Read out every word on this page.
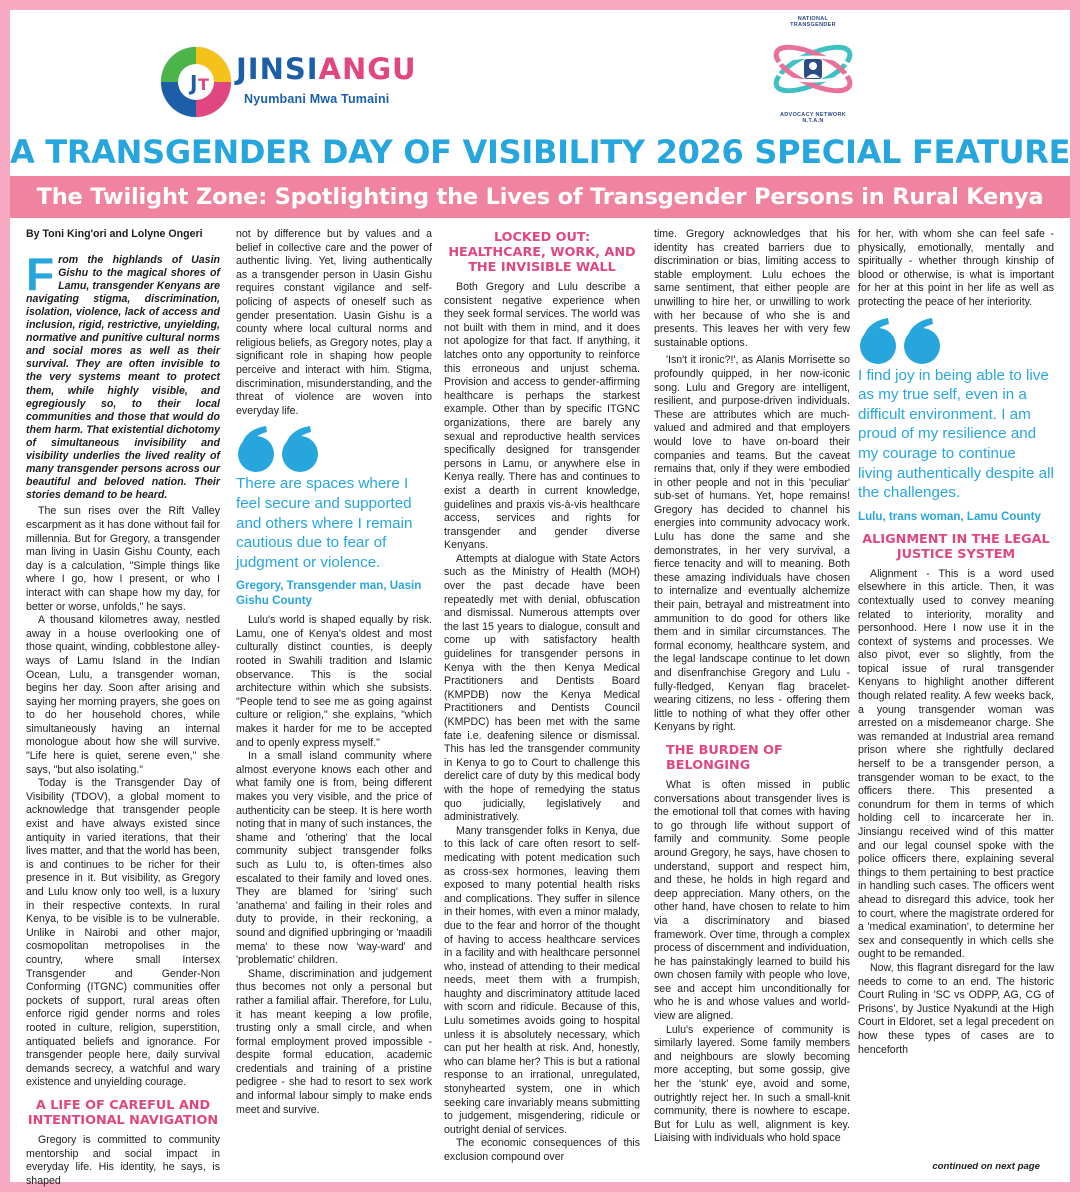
J T JINSIANGU
Nyumbani Mwa Tumaini
NATIONAL
TRANSGENDER
ADVOCACY NETWORK
N.T.A.N
A TRANSGENDER DAY OF VISIBILITY 2026 SPECIAL FEATURE
The Twilight Zone: Spotlighting the Lives of Transgender Persons in Rural Kenya
By Toni King'ori and Lolyne Ongeri
From the highlands of Uasin Gishu to the magical shores of Lamu, transgender Kenyans are navigating stigma, discrimination, isolation, violence, lack of access and inclusion, rigid, restrictive, unyielding, normative and punitive cultural norms and social mores as well as their survival. They are often invisible to the very systems meant to protect them, while highly visible, and egregiously so, to their local communities and those that would do them harm. That existential dichotomy of simultaneous invisibility and visibility underlies the lived reality of many transgender persons across our beautiful and beloved nation. Their stories demand to be heard.

The sun rises over the Rift Valley escarpment as it has done without fail for millennia. But for Gregory, a transgender man living in Uasin Gishu County, each day is a calculation, "Simple things like where I go, how I present, or who I interact with can shape how my day, for better or worse, unfolds," he says.

A thousand kilometres away, nestled away in a house overlooking one of those quaint, winding, cobblestone alley-ways of Lamu Island in the Indian Ocean, Lulu, a transgender woman, begins her day. Soon after arising and saying her morning prayers, she goes on to do her household chores, while simultaneously having an internal monologue about how she will survive. "Life here is quiet, serene even," she says, "but also isolating."

Today is the Transgender Day of Visibility (TDOV), a global moment to acknowledge that transgender people exist and have always existed since antiquity in varied iterations, that their lives matter, and that the world has been, is and continues to be richer for their presence in it. But visibility, as Gregory and Lulu know only too well, is a luxury in their respective contexts. In rural Kenya, to be visible is to be vulnerable. Unlike in Nairobi and other major, cosmopolitan metropolises in the country, where small Intersex Transgender and Gender-Non Conforming (ITGNC) communities offer pockets of support, rural areas often enforce rigid gender norms and roles rooted in culture, religion, superstition, antiquated beliefs and ignorance. For transgender people here, daily survival demands secrecy, a watchful and wary existence and unyielding courage.

A LIFE OF CAREFUL AND INTENTIONAL NAVIGATION

Gregory is committed to community mentorship and social impact in everyday life. His identity, he says, is shaped

not by difference but by values and a belief in collective care and the power of authentic living. Yet, living authentically as a transgender person in Uasin Gishu requires constant vigilance and self-policing of aspects of oneself such as gender presentation. Uasin Gishu is a county where local cultural norms and religious beliefs, as Gregory notes, play a significant role in shaping how people perceive and interact with him. Stigma, discrimination, misunderstanding, and the threat of violence are woven into everyday life.

There are spaces where I feel secure and supported and others where I remain cautious due to fear of judgment or violence.
Gregory, Transgender man, Uasin Gishu County

Lulu's world is shaped equally by risk. Lamu, one of Kenya's oldest and most culturally distinct counties, is deeply rooted in Swahili tradition and Islamic observance. This is the social architecture within which she subsists. "People tend to see me as going against culture or religion," she explains, "which makes it harder for me to be accepted and to openly express myself."

In a small island community where almost everyone knows each other and what family one is from, being different makes you very visible, and the price of authenticity can be steep. It is here worth noting that in many of such instances, the shame and 'othering' that the local community subject transgender folks such as Lulu to, is often-times also escalated to their family and loved ones. They are blamed for 'siring' such 'anathema' and failing in their roles and duty to provide, in their reckoning, a sound and dignified upbringing or 'maadili mema' to these now 'way-ward' and 'problematic' children.

Shame, discrimination and judgement thus becomes not only a personal but rather a familial affair. Therefore, for Lulu, it has meant keeping a low profile, trusting only a small circle, and when formal employment proved impossible - despite formal education, academic credentials and training of a pristine pedigree - she had to resort to sex work and informal labour simply to make ends meet and survive.

LOCKED OUT: HEALTHCARE, WORK, AND THE INVISIBLE WALL

Both Gregory and Lulu describe a consistent negative experience when they seek formal services. The world was not built with them in mind, and it does not apologize for that fact. If anything, it latches onto any opportunity to reinforce this erroneous and unjust schema. Provision and access to gender-affirming healthcare is perhaps the starkest example. Other than by specific ITGNC organizations, there are barely any sexual and reproductive health services specifically designed for transgender persons in Lamu, or anywhere else in Kenya really. There has and continues to exist a dearth in current knowledge, guidelines and praxis vis-à-vis healthcare access, services and rights for transgender and gender diverse Kenyans.

Attempts at dialogue with State Actors such as the Ministry of Health (MOH) over the past decade have been repeatedly met with denial, obfuscation and dismissal. Numerous attempts over the last 15 years to dialogue, consult and come up with satisfactory health guidelines for transgender persons in Kenya with the then Kenya Medical Practitioners and Dentists Board (KMPDB) now the Kenya Medical Practitioners and Dentists Council (KMPDC) has been met with the same fate i.e. deafening silence or dismissal. This has led the transgender community in Kenya to go to Court to challenge this derelict care of duty by this medical body with the hope of remedying the status quo judicially, legislatively and administratively.

Many transgender folks in Kenya, due to this lack of care often resort to self-medicating with potent medication such as cross-sex hormones, leaving them exposed to many potential health risks and complications. They suffer in silence in their homes, with even a minor malady, due to the fear and horror of the thought of having to access healthcare services in a facility and with healthcare personnel who, instead of attending to their medical needs, meet them with a frumpish, haughty and discriminatory attitude laced with scorn and ridicule. Because of this, Lulu sometimes avoids going to hospital unless it is absolutely necessary, which can put her health at risk. And, honestly, who can blame her? This is but a rational response to an irrational, unregulated, stonyhearted system, one in which seeking care invariably means submitting to judgement, misgendering, ridicule or outright denial of services.

The economic consequences of this exclusion compound over

time. Gregory acknowledges that his identity has created barriers due to discrimination or bias, limiting access to stable employment. Lulu echoes the same sentiment, that either people are unwilling to hire her, or unwilling to work with her because of who she is and presents. This leaves her with very few sustainable options.

'Isn't it ironic?!', as Alanis Morrisette so profoundly quipped, in her now-iconic song. Lulu and Gregory are intelligent, resilient, and purpose-driven individuals. These are attributes which are much-valued and admired and that employers would love to have on-board their companies and teams. But the caveat remains that, only if they were embodied in other people and not in this 'peculiar' sub-set of humans. Yet, hope remains! Gregory has decided to channel his energies into community advocacy work. Lulu has done the same and she demonstrates, in her very survival, a fierce tenacity and will to meaning. Both these amazing individuals have chosen to internalize and eventually alchemize their pain, betrayal and mistreatment into ammunition to do good for others like them and in similar circumstances. The formal economy, healthcare system, and the legal landscape continue to let down and disenfranchise Gregory and Lulu - fully-fledged, Kenyan flag bracelet-wearing citizens, no less - offering them little to nothing of what they offer other Kenyans by right.

THE BURDEN OF BELONGING

What is often missed in public conversations about transgender lives is the emotional toll that comes with having to go through life without support of family and community. Some people around Gregory, he says, have chosen to understand, support and respect him, and these, he holds in high regard and deep appreciation. Many others, on the other hand, have chosen to relate to him via a discriminatory and biased framework. Over time, through a complex process of discernment and individuation, he has painstakingly learned to build his own chosen family with people who love, see and accept him unconditionally for who he is and whose values and world-view are aligned.

Lulu's experience of community is similarly layered. Some family members and neighbours are slowly becoming more accepting, but some gossip, give her the 'stunk' eye, avoid and some, outrightly reject her. In such a small-knit community, there is nowhere to escape. But for Lulu as well, alignment is key. Liaising with individuals who hold space

for her, with whom she can feel safe - physically, emotionally, mentally and spiritually - whether through kinship of blood or otherwise, is what is important for her at this point in her life as well as protecting the peace of her interiority.

I find joy in being able to live as my true self, even in a difficult environment. I am proud of my resilience and my courage to continue living authentically despite all the challenges.
Lulu, trans woman, Lamu County
ALIGNMENT IN THE LEGAL JUSTICE SYSTEM

Alignment - This is a word used elsewhere in this article. Then, it was contextually used to convey meaning related to interiority, morality and personhood. Here I now use it in the context of systems and processes. We also pivot, ever so slightly, from the topical issue of rural transgender Kenyans to highlight another different though related reality. A few weeks back, a young transgender woman was arrested on a misdemeanor charge. She was remanded at Industrial area remand prison where she rightfully declared herself to be a transgender person, a transgender woman to be exact, to the officers there. This presented a conundrum for them in terms of which holding cell to incarcerate her in. Jinsiangu received wind of this matter and our legal counsel spoke with the police officers there, explaining several things to them pertaining to best practice in handling such cases. The officers went ahead to disregard this advice, took her to court, where the magistrate ordered for a 'medical examination', to determine her sex and consequently in which cells she ought to be remanded.

Now, this flagrant disregard for the law needs to come to an end. The historic Court Ruling in 'SC vs ODPP, AG, CG of Prisons', by Justice Nyakundi at the High Court in Eldoret, set a legal precedent on how these types of cases are to henceforth

continued on next page
